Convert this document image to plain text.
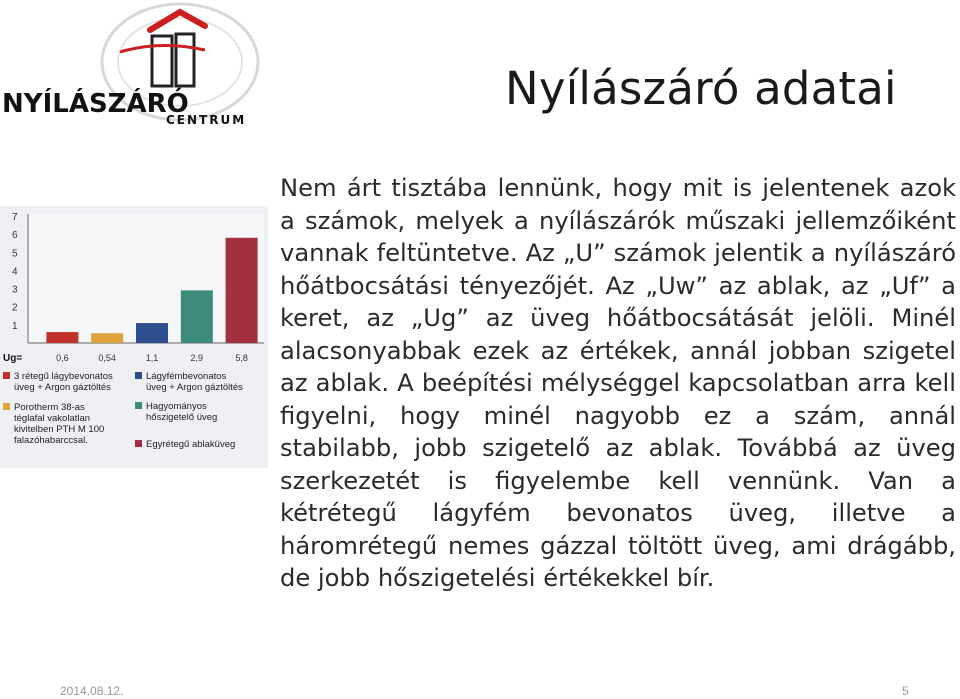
NYÍLÁSZÁRÓ
CENTRUM
Nyílászáró adatai
Nem árt tisztába lennünk, hogy mit is jelentenek azok a számok, melyek a nyílászárók műszaki jellemzőiként vannak feltüntetve. Az „U” számok jelentik a nyílászáró hőátbocsátási tényezőjét. Az „Uw” az ablak, az „Uf” a keret, az „Ug” az üveg hőátbocsátását jelöli. Minél alacsonyabbak ezek az értékek, annál jobban szigetel az ablak. A beépítési mélységgel kapcsolatban arra kell figyelni, hogy minél nagyobb ez a szám, annál stabilabb, jobb szigetelő az ablak. Továbbá az üveg szerkezetét is figyelembe kell vennünk. Van a kétrétegű lágyfém bevonatos üveg, illetve a háromrétegű nemes gázzal töltött üveg, ami drágább, de jobb hőszigetelési értékekkel bír.
1
2
3
4
5
6
7
Ug=	0,6	0,54	1,1	2,9	5,8
3 rétegű lágybevonatos
üveg + Argon gáztöltés
Lágyfémbevonatos
üveg + Argon gáztöltés
Porotherm 38-as
téglafal vakolatlan
kivitelben PTH M 100
falazóhabarccsal.
Hagyományos
hőszigetelő üveg
Egyrétegű ablaküveg
2014.08.12.	5
